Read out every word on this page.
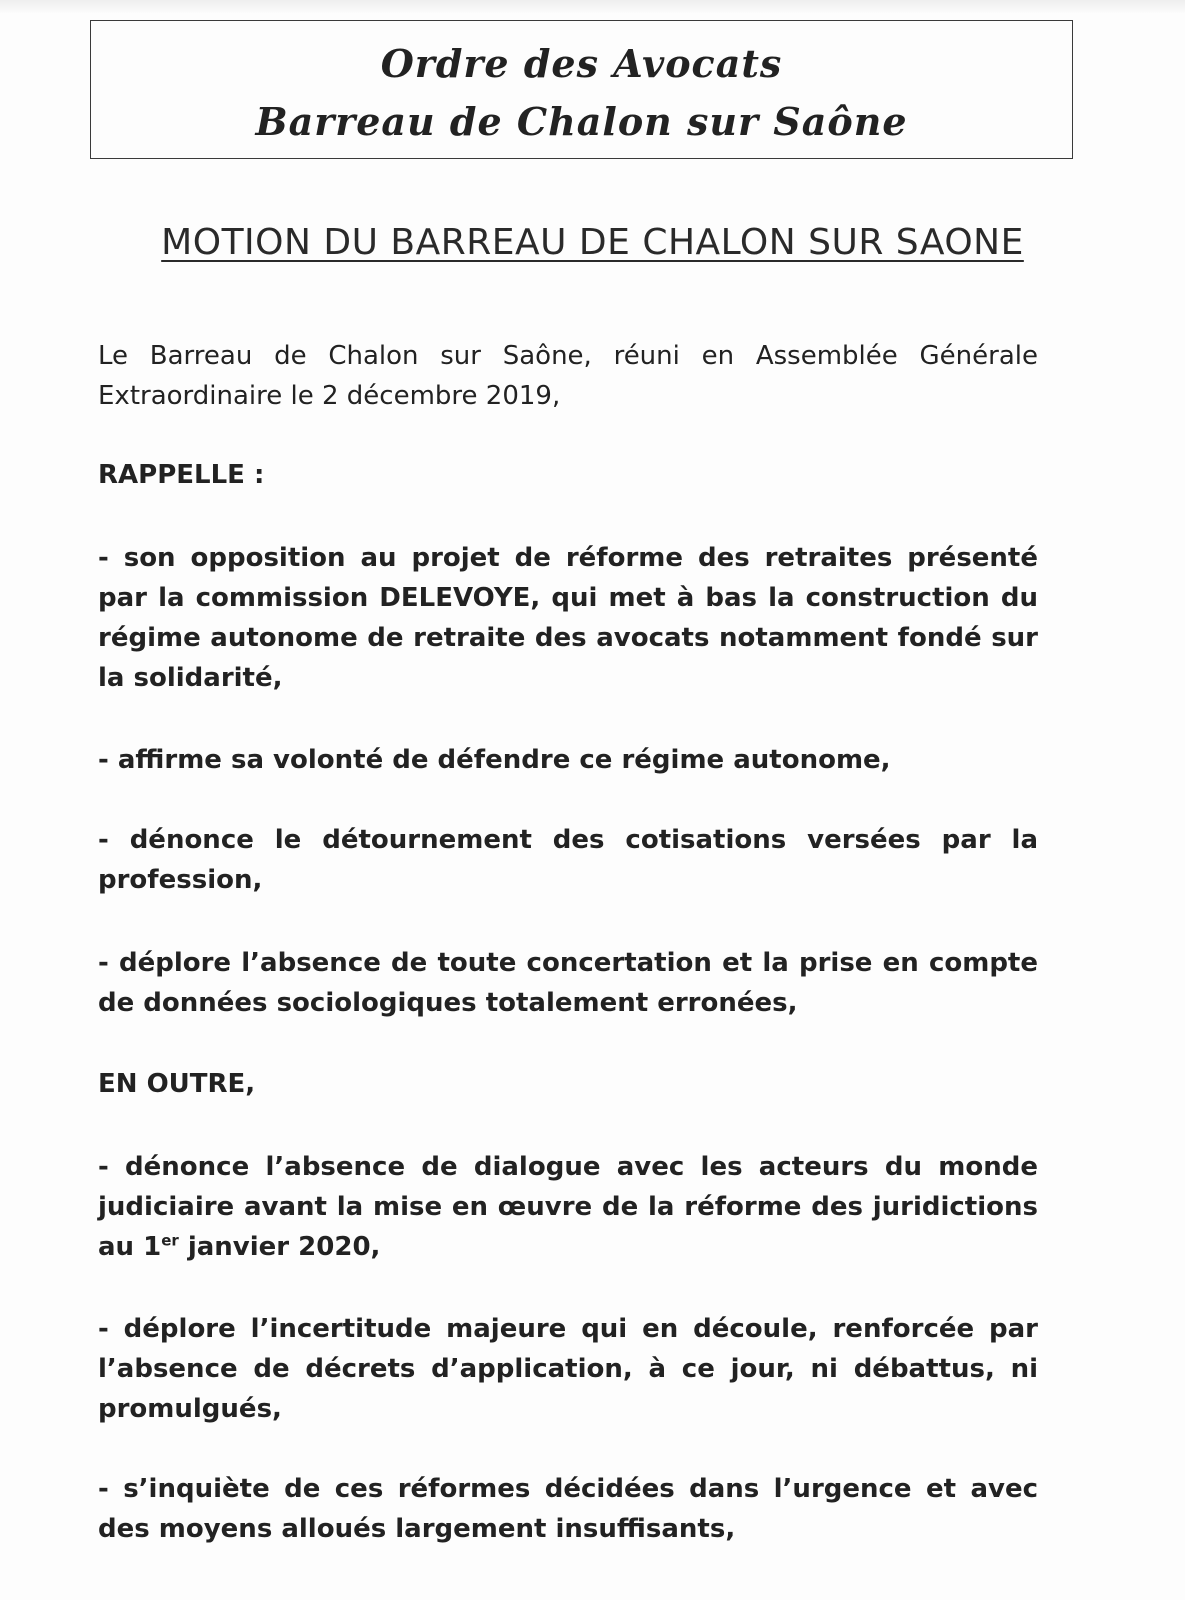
Ordre des Avocats
Barreau de Chalon sur Saône
MOTION DU BARREAU DE CHALON SUR SAONE
Le Barreau de Chalon sur Saône, réuni en Assemblée Générale Extraordinaire le 2 décembre 2019,
RAPPELLE :
- son opposition au projet de réforme des retraites présenté par la commission DELEVOYE, qui met à bas la construction du régime autonome de retraite des avocats notamment fondé sur la solidarité,
- affirme sa volonté de défendre ce régime autonome,
- dénonce le détournement des cotisations versées par la profession,
- déplore l’absence de toute concertation et la prise en compte de données sociologiques totalement erronées,
EN OUTRE,
- dénonce l’absence de dialogue avec les acteurs du monde judiciaire avant la mise en œuvre de la réforme des juridictions au 1er janvier 2020,
- déplore l’incertitude majeure qui en découle, renforcée par l’absence de décrets d’application, à ce jour, ni débattus, ni promulgués,
- s’inquiète de ces réformes décidées dans l’urgence et avec des moyens alloués largement insuffisants,
